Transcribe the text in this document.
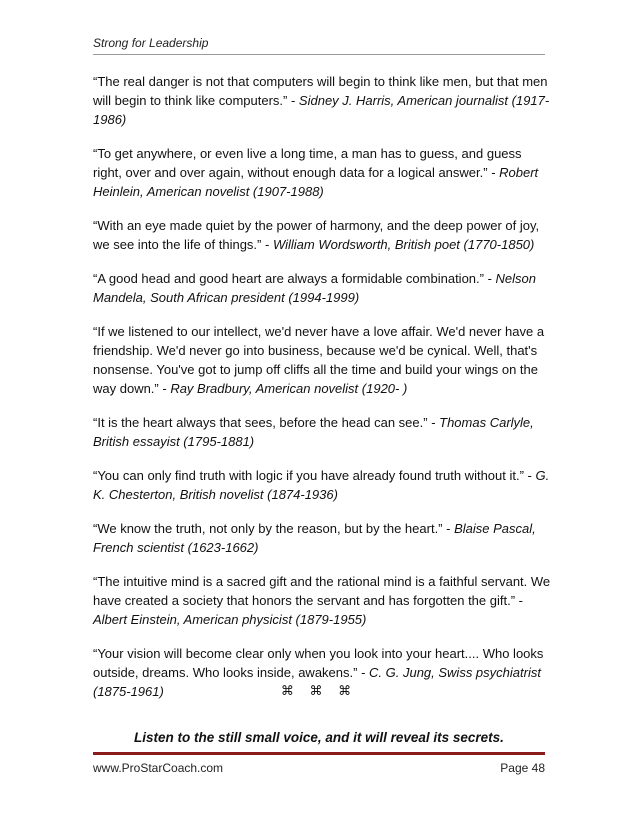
Strong for Leadership

“The real danger is not that computers will begin to think like men, but that men will begin to think like computers.” - Sidney J. Harris, American journalist (1917-1986)

“To get anywhere, or even live a long time, a man has to guess, and guess right, over and over again, without enough data for a logical answer.” - Robert Heinlein, American novelist (1907-1988)

“With an eye made quiet by the power of harmony, and the deep power of joy, we see into the life of things.” - William Wordsworth, British poet (1770-1850)

“A good head and good heart are always a formidable combination.” - Nelson Mandela, South African president (1994-1999)

“If we listened to our intellect, we'd never have a love affair. We'd never have a friendship. We'd never go into business, because we'd be cynical. Well, that's nonsense. You've got to jump off cliffs all the time and build your wings on the way down.” - Ray Bradbury, American novelist (1920- )

“It is the heart always that sees, before the head can see.” - Thomas Carlyle, British essayist (1795-1881)

“You can only find truth with logic if you have already found truth without it.” - G. K. Chesterton, British novelist (1874-1936)

“We know the truth, not only by the reason, but by the heart.” - Blaise Pascal, French scientist (1623-1662)

“The intuitive mind is a sacred gift and the rational mind is a faithful servant. We have created a society that honors the servant and has forgotten the gift.” - Albert Einstein, American physicist (1879-1955)

“Your vision will become clear only when you look into your heart.... Who looks outside, dreams. Who looks inside, awakens.” - C. G. Jung, Swiss psychiatrist (1875-1961)	⌘ ⌘ ⌘
Listen to the still small voice, and it will reveal its secrets.
www.ProStarCoach.com	Page 48
